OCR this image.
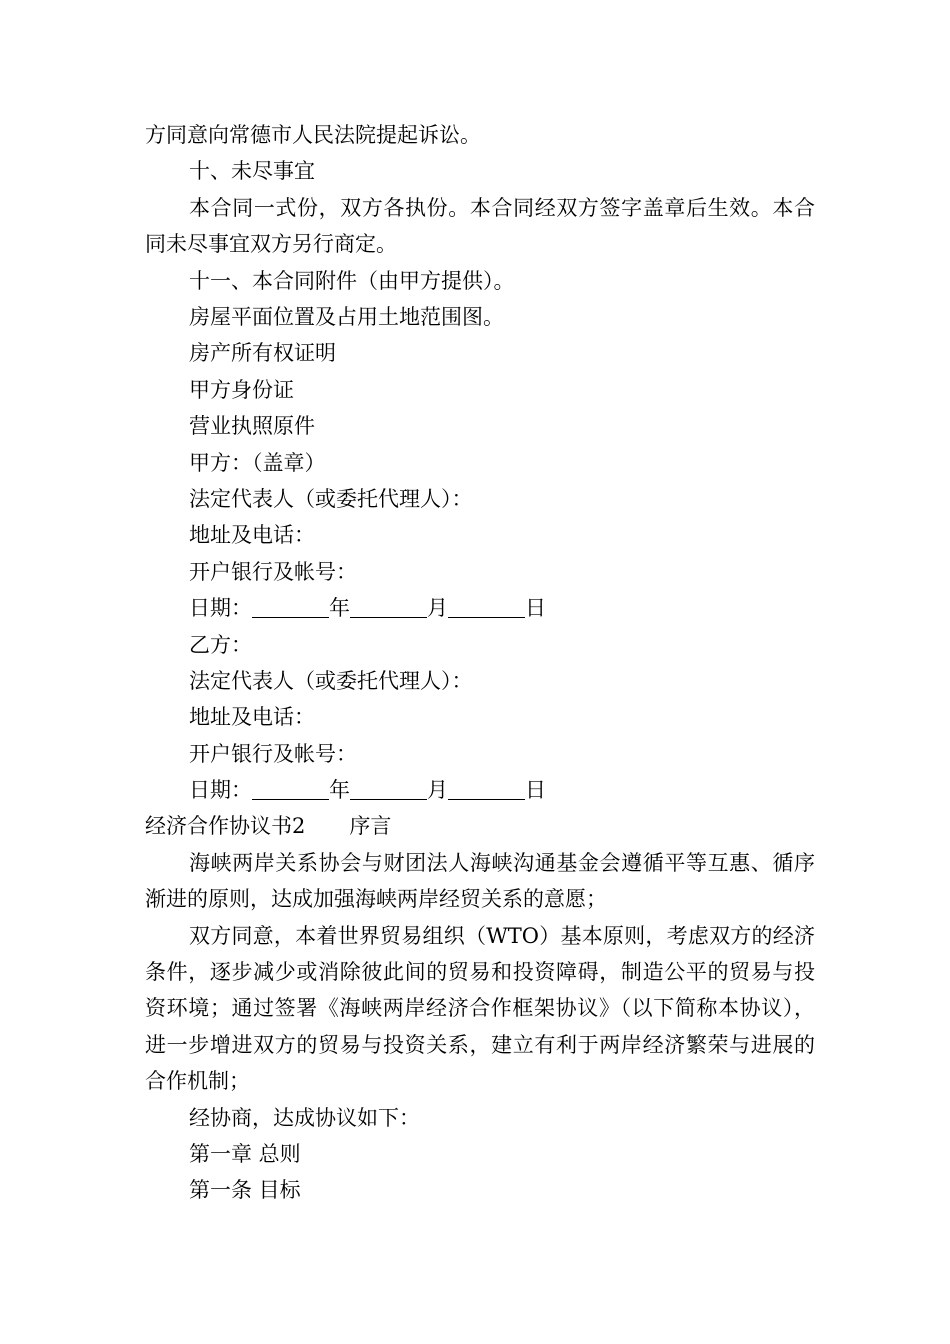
方同意向常德市人民法院提起诉讼。

十、未尽事宜

本合同一式份，双方各执份。本合同经双方签字盖章后生效。本合同未尽事宜双方另行商定。

十一、本合同附件（由甲方提供）。

房屋平面位置及占用土地范围图。

房产所有权证明

甲方身份证

营业执照原件

甲方：（盖章）

法定代表人（或委托代理人）：

地址及电话：

开户银行及帐号：

日期：	年	月	日

乙方：

法定代表人（或委托代理人）：

地址及电话：

开户银行及帐号：

日期：	年	月	日

经济合作协议书2 序言

海峡两岸关系协会与财团法人海峡沟通基金会遵循平等互惠、循序渐进的原则，达成加强海峡两岸经贸关系的意愿；

双方同意，本着世界贸易组织（WTO）基本原则，考虑双方的经济条件，逐步减少或消除彼此间的贸易和投资障碍，制造公平的贸易与投资环境；通过签署《海峡两岸经济合作框架协议》（以下简称本协议），进一步增进双方的贸易与投资关系，建立有利于两岸经济繁荣与进展的合作机制；

经协商，达成协议如下：

第一章 总则

第一条 目标
